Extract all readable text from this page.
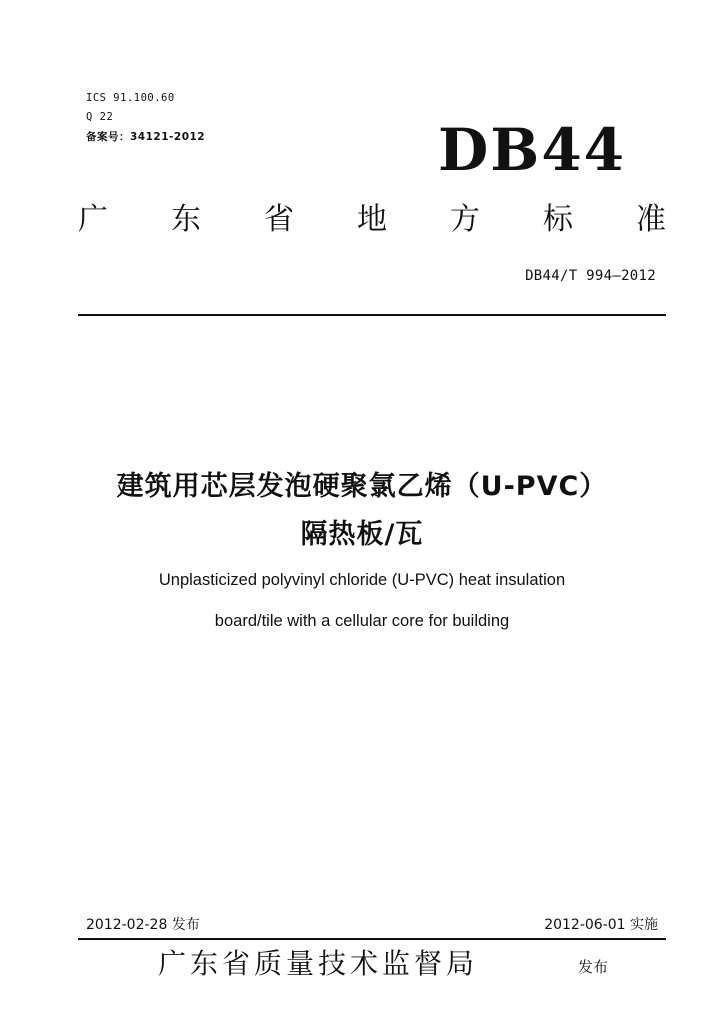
ICS 91.100.60
Q 22
备案号：34121-2012	DB44
广 东 省 地 方 标 准
DB44/T 994—2012
建筑用芯层发泡硬聚氯乙烯（U-PVC）
隔热板/瓦
Unplasticized polyvinyl chloride (U-PVC) heat insulation
board/tile with a cellular core for building
2012-02-28 发布	2012-06-01 实施
广东省质量技术监督局	发布
